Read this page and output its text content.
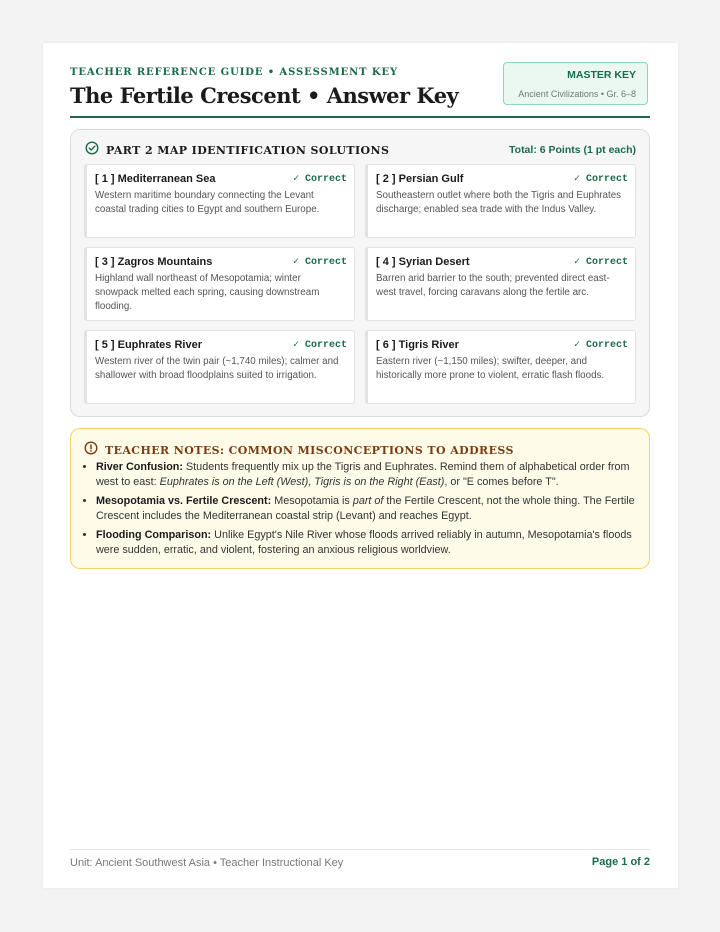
TEACHER REFERENCE GUIDE • ASSESSMENT KEY
The Fertile Crescent • Answer Key
MASTER KEY
Ancient Civilizations • Gr. 6–8
PART 2 MAP IDENTIFICATION SOLUTIONS	Total: 6 Points (1 pt each)
[ 1 ] Mediterranean Sea	✓ Correct
Western maritime boundary connecting the Levant coastal trading cities to Egypt and southern Europe.
[ 2 ] Persian Gulf	✓ Correct
Southeastern outlet where both the Tigris and Euphrates discharge; enabled sea trade with the Indus Valley.
[ 3 ] Zagros Mountains	✓ Correct
Highland wall northeast of Mesopotamia; winter snowpack melted each spring, causing downstream flooding.
[ 4 ] Syrian Desert	✓ Correct
Barren arid barrier to the south; prevented direct east-west travel, forcing caravans along the fertile arc.
[ 5 ] Euphrates River	✓ Correct
Western river of the twin pair (~1,740 miles); calmer and shallower with broad floodplains suited to irrigation.
[ 6 ] Tigris River	✓ Correct
Eastern river (~1,150 miles); swifter, deeper, and historically more prone to violent, erratic flash floods.
TEACHER NOTES: COMMON MISCONCEPTIONS TO ADDRESS
• River Confusion: Students frequently mix up the Tigris and Euphrates. Remind them of alphabetical order from west to east: Euphrates is on the Left (West), Tigris is on the Right (East), or "E comes before T".
• Mesopotamia vs. Fertile Crescent: Mesopotamia is part of the Fertile Crescent, not the whole thing. The Fertile Crescent includes the Mediterranean coastal strip (Levant) and reaches Egypt.
• Flooding Comparison: Unlike Egypt's Nile River whose floods arrived reliably in autumn, Mesopotamia's floods were sudden, erratic, and violent, fostering an anxious religious worldview.
Unit: Ancient Southwest Asia • Teacher Instructional Key	Page 1 of 2
